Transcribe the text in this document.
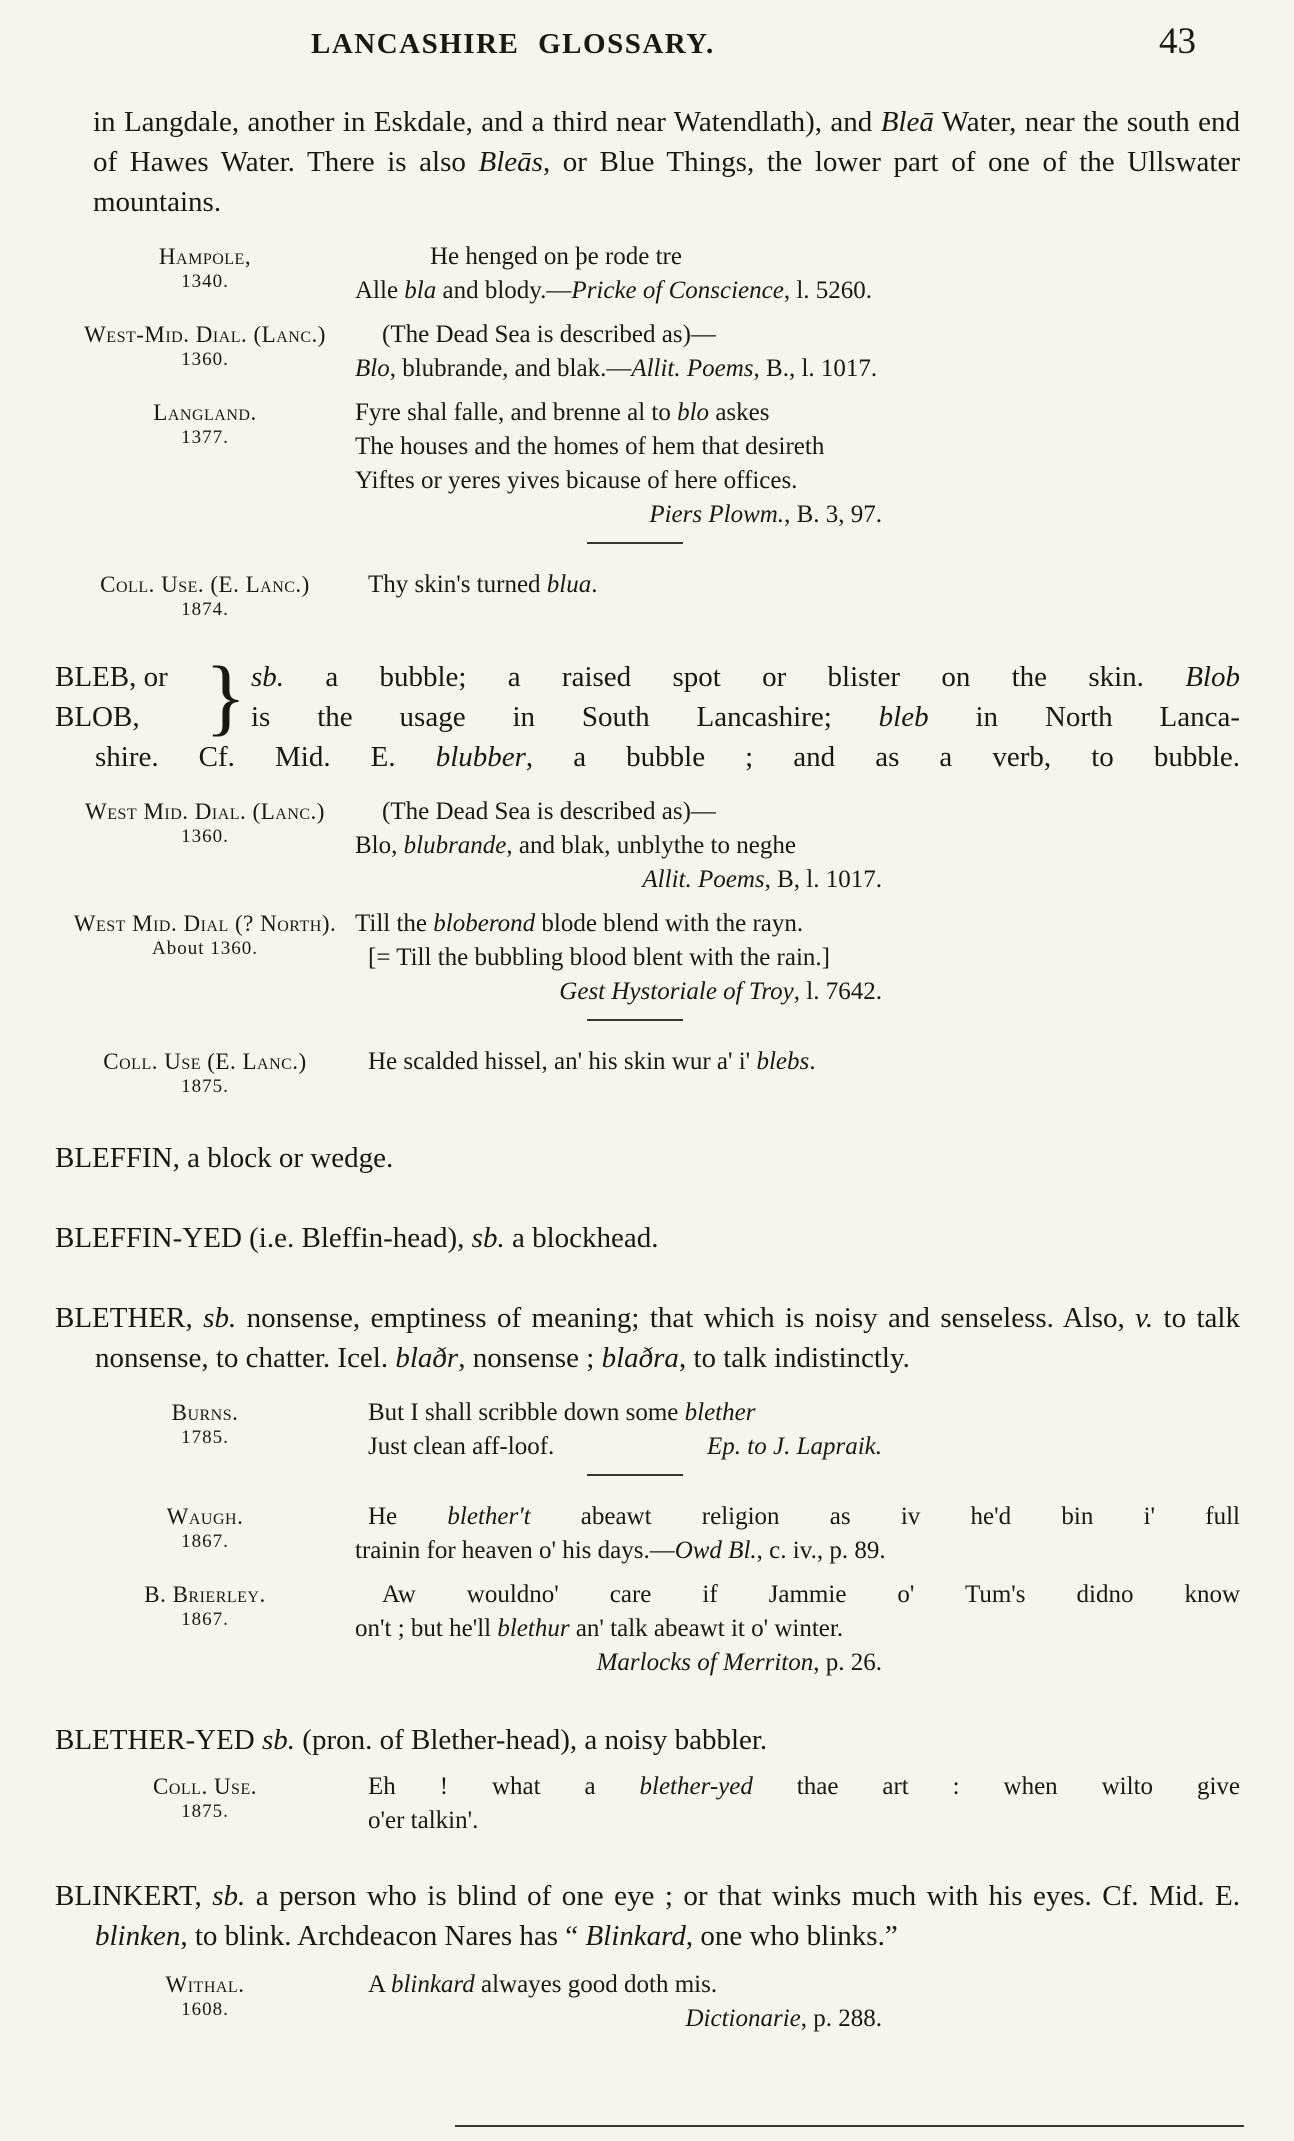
LANCASHIRE GLOSSARY.	43
in Langdale, another in Eskdale, and a third near Watendlath), and Bleā Water, near the south end of Hawes Water. There is also Bleās, or Blue Things, the lower part of one of the Ullswater mountains.
Hampole,
1340.
He henged on þe rode tre
Alle bla and blody.—Pricke of Conscience, l. 5260.
West-Mid. Dial. (Lanc.)
1360.
(The Dead Sea is described as)—
Blo, blubrande, and blak.—Allit. Poems, B., l. 1017.
Langland.
1377.
Fyre shal falle, and brenne al to blo askes
The houses and the homes of hem that desireth
Yiftes or yeres yives bicause of here offices.
Piers Plowm., B. 3, 97.
Coll. Use. (E. Lanc.)
1874.
Thy skin's turned blua.
BLEB, or
BLOB, } sb. a bubble; a raised spot or blister on the skin. Blob
is the usage in South Lancashire; bleb in North Lanca-
shire. Cf. Mid. E. blubber, a bubble ; and as a verb, to bubble.
West Mid. Dial. (Lanc.)
1360.
(The Dead Sea is described as)—
Blo, blubrande, and blak, unblythe to neghe
Allit. Poems, B, l. 1017.
West Mid. Dial (? North).
About 1360.
Till the bloberond blode blend with the rayn.
[= Till the bubbling blood blent with the rain.]
Gest Hystoriale of Troy, l. 7642.
Coll. Use (E. Lanc.)
1875.
He scalded hissel, an' his skin wur a' i' blebs.
BLEFFIN, a block or wedge.
BLEFFIN-YED (i.e. Bleffin-head), sb. a blockhead.
BLETHER, sb. nonsense, emptiness of meaning; that which is noisy and senseless. Also, v. to talk nonsense, to chatter. Icel. blaðr, nonsense ; blaðra, to talk indistinctly.
Burns.
1785.
But I shall scribble down some blether
Just clean aff-loof.	Ep. to J. Lapraik.
Waugh.
1867.
He blether't abeawt religion as iv he'd bin i' full
trainin for heaven o' his days.—Owd Bl., c. iv., p. 89.
B. Brierley.
1867.
Aw wouldno' care if Jammie o' Tum's didno know
on't ; but he'll blethur an' talk abeawt it o' winter.
Marlocks of Merriton, p. 26.
BLETHER-YED sb. (pron. of Blether-head), a noisy babbler.
Coll. Use.
1875.
Eh ! what a blether-yed thae art : when wilto give
o'er talkin'.
BLINKERT, sb. a person who is blind of one eye ; or that winks much with his eyes. Cf. Mid. E. blinken, to blink. Archdeacon Nares has “ Blinkard, one who blinks.”
Withal.
1608.
A blinkard alwayes good doth mis.
Dictionarie, p. 288.
